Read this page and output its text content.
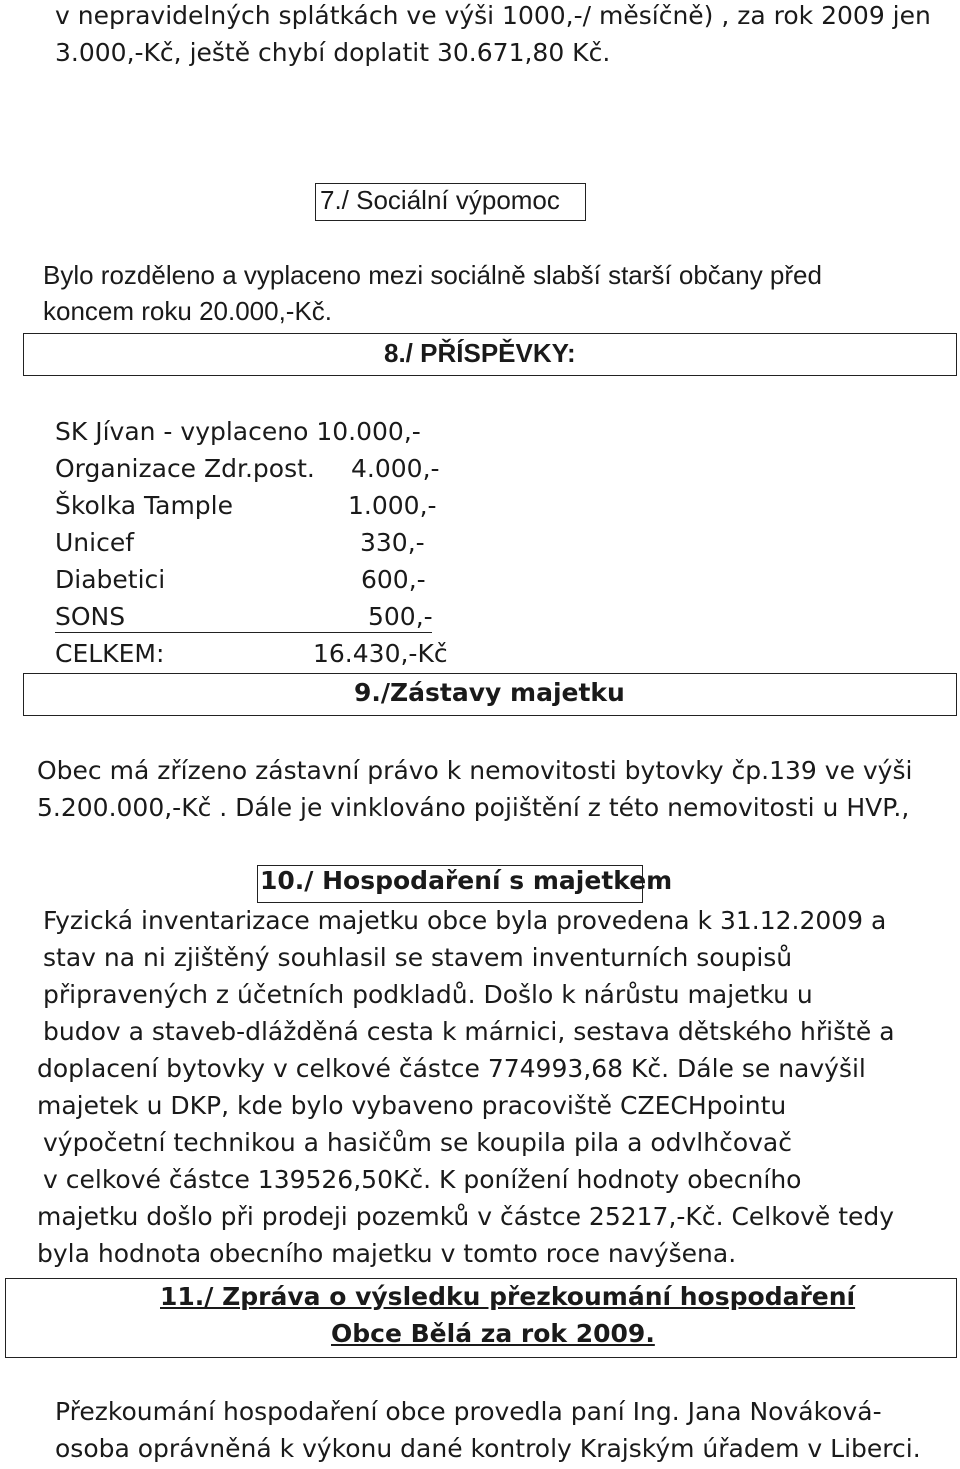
v nepravidelných splátkách ve výši 1000,-/ měsíčně) , za rok 2009 jen
3.000,-Kč, ještě chybí doplatit 30.671,80 Kč.
7./ Sociální výpomoc
Bylo rozděleno a vyplaceno mezi sociálně slabší starší občany před
koncem roku 20.000,-Kč.
8./ PŘÍSPĚVKY:
SK Jívan - vyplaceno 10.000,-
Organizace Zdr.post. 4.000,-
Školka Tample	1.000,-
Unicef	330,-
Diabetici	600,-
SONS	500,-
CELKEM:	16.430,-Kč
9./Zástavy majetku
Obec má zřízeno zástavní právo k nemovitosti bytovky čp.139 ve výši
5.200.000,-Kč . Dále je vinklováno pojištění z této nemovitosti u HVP.,
10./ Hospodaření s majetkem
Fyzická inventarizace majetku obce byla provedena k 31.12.2009 a
stav na ni zjištěný souhlasil se stavem inventurních soupisů
připravených z účetních podkladů. Došlo k nárůstu majetku u
budov a staveb-dlážděná cesta k márnici, sestava dětského hřiště a
doplacení bytovky v celkové částce 774993,68 Kč. Dále se navýšil
majetek u DKP, kde bylo vybaveno pracoviště CZECHpointu
výpočetní technikou a hasičům se koupila pila a odvlhčovač
v celkové částce 139526,50Kč. K ponížení hodnoty obecního
majetku došlo při prodeji pozemků v částce 25217,-Kč. Celkově tedy
byla hodnota obecního majetku v tomto roce navýšena.
11./ Zpráva o výsledku přezkoumání hospodaření
Obce Bělá za rok 2009.
Přezkoumání hospodaření obce provedla paní Ing. Jana Nováková-
osoba oprávněná k výkonu dané kontroly Krajským úřadem v Liberci.
